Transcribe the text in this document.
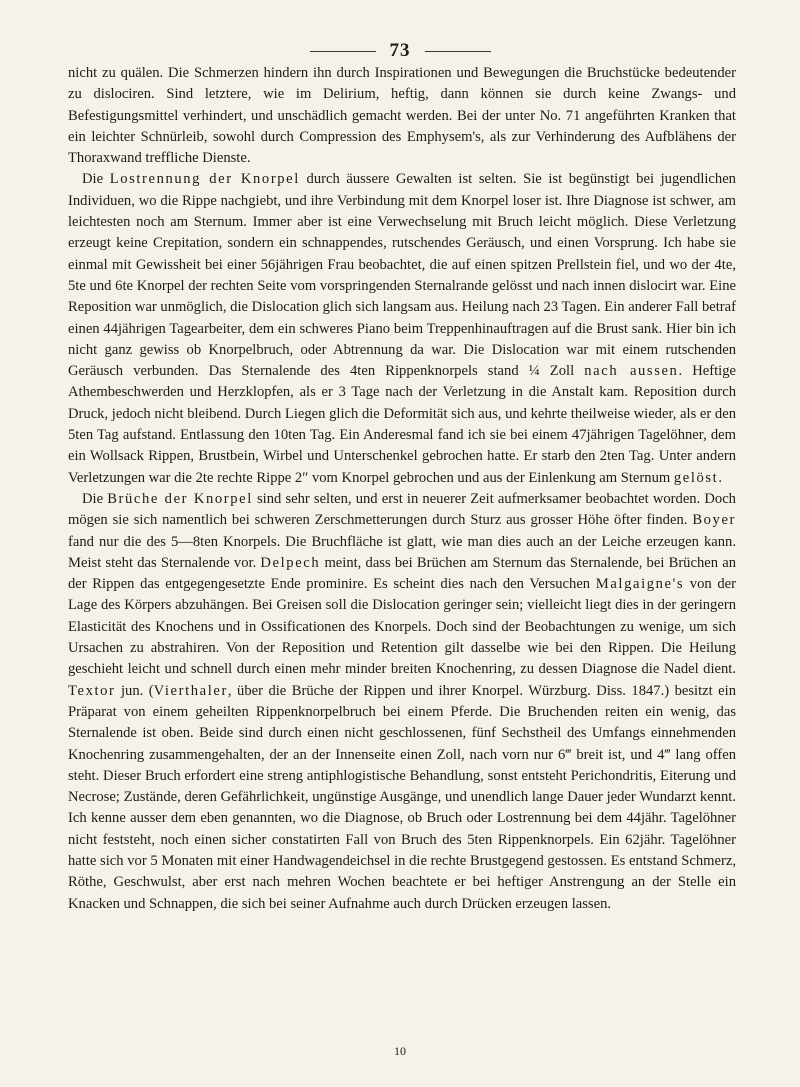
73

nicht zu quälen. Die Schmerzen hindern ihn durch Inspirationen und Bewegungen die Bruchstücke bedeutender zu dislociren. Sind letztere, wie im Delirium, heftig, dann können sie durch keine Zwangs- und Befestigungsmittel verhindert, und unschädlich gemacht werden. Bei der unter No. 71 angeführten Kranken that ein leichter Schnürleib, sowohl durch Compression des Emphysem's, als zur Verhinderung des Aufblähens der Thoraxwand treffliche Dienste.

Die Lostrennung der Knorpel durch äussere Gewalten ist selten. Sie ist begünstigt bei jugendlichen Individuen, wo die Rippe nachgiebt, und ihre Verbindung mit dem Knorpel loser ist. Ihre Diagnose ist schwer, am leichtesten noch am Sternum. Immer aber ist eine Verwechselung mit Bruch leicht möglich. Diese Verletzung erzeugt keine Crepitation, sondern ein schnappendes, rutschendes Geräusch, und einen Vorsprung. Ich habe sie einmal mit Gewissheit bei einer 56jährigen Frau beobachtet, die auf einen spitzen Prellstein fiel, und wo der 4te, 5te und 6te Knorpel der rechten Seite vom vorspringenden Sternalrande gelösst und nach innen dislocirt war. Eine Reposition war unmöglich, die Dislocation glich sich langsam aus. Heilung nach 23 Tagen. Ein anderer Fall betraf einen 44jährigen Tagearbeiter, dem ein schweres Piano beim Treppenhinauftragen auf die Brust sank. Hier bin ich nicht ganz gewiss ob Knorpelbruch, oder Abtrennung da war. Die Dislocation war mit einem rutschenden Geräusch verbunden. Das Sternalende des 4ten Rippenknorpels stand ¼ Zoll nach aussen. Heftige Athembeschwerden und Herzklopfen, als er 3 Tage nach der Verletzung in die Anstalt kam. Reposition durch Druck, jedoch nicht bleibend. Durch Liegen glich die Deformität sich aus, und kehrte theilweise wieder, als er den 5ten Tag aufstand. Entlassung den 10ten Tag. Ein Anderesmal fand ich sie bei einem 47jährigen Tagelöhner, dem ein Wollsack Rippen, Brustbein, Wirbel und Unterschenkel gebrochen hatte. Er starb den 2ten Tag. Unter andern Verletzungen war die 2te rechte Rippe 2″ vom Knorpel gebrochen und aus der Einlenkung am Sternum gelöst.

Die Brüche der Knorpel sind sehr selten, und erst in neuerer Zeit aufmerksamer beobachtet worden. Doch mögen sie sich namentlich bei schweren Zerschmetterungen durch Sturz aus grosser Höhe öfter finden. Boyer fand nur die des 5—8ten Knorpels. Die Bruchfläche ist glatt, wie man dies auch an der Leiche erzeugen kann. Meist steht das Sternalende vor. Delpech meint, dass bei Brüchen am Sternum das Sternalende, bei Brüchen an der Rippen das entgegengesetzte Ende prominire. Es scheint dies nach den Versuchen Malgaigne's von der Lage des Körpers abzuhängen. Bei Greisen soll die Dislocation geringer sein; vielleicht liegt dies in der geringern Elasticität des Knochens und in Ossificationen des Knorpels. Doch sind der Beobachtungen zu wenige, um sich Ursachen zu abstrahiren. Von der Reposition und Retention gilt dasselbe wie bei den Rippen. Die Heilung geschieht leicht und schnell durch einen mehr minder breiten Knochenring, zu dessen Diagnose die Nadel dient. Textor jun. (Vierthaler, über die Brüche der Rippen und ihrer Knorpel. Würzburg. Diss. 1847.) besitzt ein Präparat von einem geheilten Rippenknorpelbruch bei einem Pferde. Die Bruchenden reiten ein wenig, das Sternalende ist oben. Beide sind durch einen nicht geschlossenen, fünf Sechstheil des Umfangs einnehmenden Knochenring zusammengehalten, der an der Innenseite einen Zoll, nach vorn nur 6‴ breit ist, und 4‴ lang offen steht. Dieser Bruch erfordert eine streng antiphlogistische Behandlung, sonst entsteht Perichondritis, Eiterung und Necrose; Zustände, deren Gefährlichkeit, ungünstige Ausgänge, und unendlich lange Dauer jeder Wundarzt kennt. Ich kenne ausser dem eben genannten, wo die Diagnose, ob Bruch oder Lostrennung bei dem 44jähr. Tagelöhner nicht feststeht, noch einen sicher constatirten Fall von Bruch des 5ten Rippenknorpels. Ein 62jähr. Tagelöhner hatte sich vor 5 Monaten mit einer Handwagendeichsel in die rechte Brustgegend gestossen. Es entstand Schmerz, Röthe, Geschwulst, aber erst nach mehren Wochen beachtete er bei heftiger Anstrengung an der Stelle ein Knacken und Schnappen, die sich bei seiner Aufnahme auch durch Drücken erzeugen lassen.

10
